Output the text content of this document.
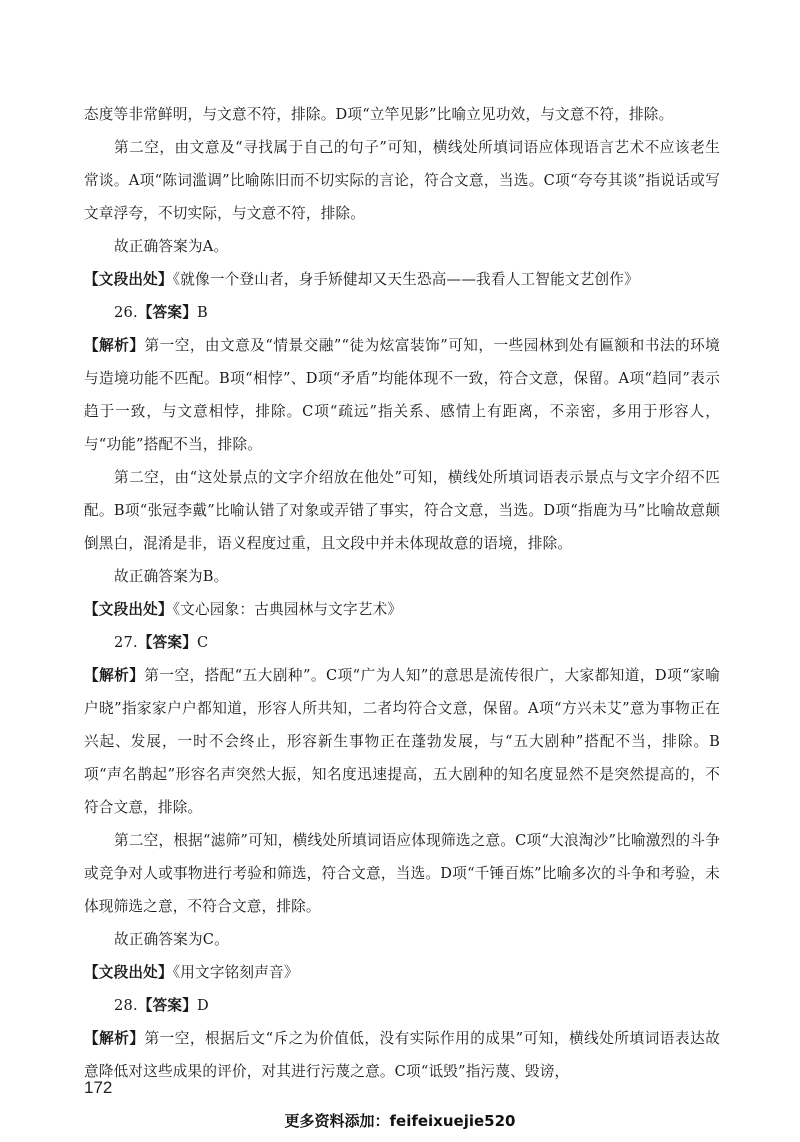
态度等非常鲜明，与文意不符，排除。D项“立竿见影”比喻立见功效，与文意不符，排除。

第二空，由文意及“寻找属于自己的句子”可知，横线处所填词语应体现语言艺术不应该老生常谈。A项“陈词滥调”比喻陈旧而不切实际的言论，符合文意，当选。C项“夸夸其谈”指说话或写文章浮夸，不切实际，与文意不符，排除。

故正确答案为A。

【文段出处】《就像一个登山者，身手矫健却又天生恐高——我看人工智能文艺创作》

26.【答案】B

【解析】第一空，由文意及“情景交融”“徒为炫富装饰”可知，一些园林到处有匾额和书法的环境与造境功能不匹配。B项“相悖”、D项“矛盾”均能体现不一致，符合文意，保留。A项“趋同”表示趋于一致，与文意相悖，排除。C项“疏远”指关系、感情上有距离，不亲密，多用于形容人，与“功能”搭配不当，排除。

第二空，由“这处景点的文字介绍放在他处”可知，横线处所填词语表示景点与文字介绍不匹配。B项“张冠李戴”比喻认错了对象或弄错了事实，符合文意，当选。D项“指鹿为马”比喻故意颠倒黑白，混淆是非，语义程度过重，且文段中并未体现故意的语境，排除。

故正确答案为B。

【文段出处】《文心园象：古典园林与文字艺术》

27.【答案】C

【解析】第一空，搭配“五大剧种”。C项“广为人知”的意思是流传很广，大家都知道，D项“家喻户晓”指家家户户都知道，形容人所共知，二者均符合文意，保留。A项“方兴未艾”意为事物正在兴起、发展，一时不会终止，形容新生事物正在蓬勃发展，与“五大剧种”搭配不当，排除。B项“声名鹊起”形容名声突然大振，知名度迅速提高，五大剧种的知名度显然不是突然提高的，不符合文意，排除。

第二空，根据“滤筛”可知，横线处所填词语应体现筛选之意。C项“大浪淘沙”比喻激烈的斗争或竞争对人或事物进行考验和筛选，符合文意，当选。D项“千锤百炼”比喻多次的斗争和考验，未体现筛选之意，不符合文意，排除。

故正确答案为C。

【文段出处】《用文字铭刻声音》

28.【答案】D

【解析】第一空，根据后文“斥之为价值低，没有实际作用的成果”可知，横线处所填词语表达故意降低对这些成果的评价，对其进行污蔑之意。C项“诋毁”指污蔑、毁谤，

172
更多资料添加：feifeixuejie520
